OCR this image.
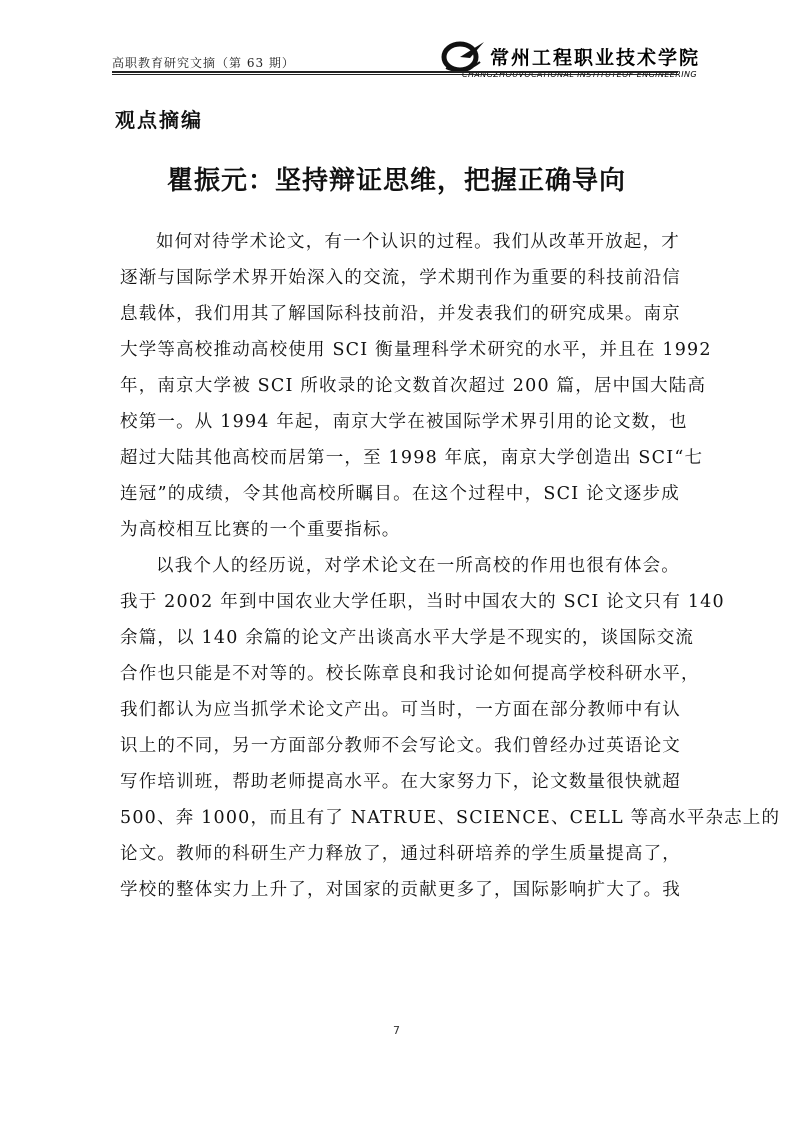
高职教育研究文摘（第 63 期）	常州工程职业技术学院
CHANGZHOUVOCATIONAL INSTITUTEOF ENGINEERING
观点摘编
瞿振元：坚持辩证思维，把握正确导向

如何对待学术论文，有一个认识的过程。我们从改革开放起，才

逐渐与国际学术界开始深入的交流，学术期刊作为重要的科技前沿信

息载体，我们用其了解国际科技前沿，并发表我们的研究成果。南京

大学等高校推动高校使用 SCI 衡量理科学术研究的水平，并且在 1992

年，南京大学被 SCI 所收录的论文数首次超过 200 篇，居中国大陆高

校第一。从 1994 年起，南京大学在被国际学术界引用的论文数，也

超过大陆其他高校而居第一，至 1998 年底，南京大学创造出 SCI“七

连冠”的成绩，令其他高校所瞩目。在这个过程中，SCI 论文逐步成

为高校相互比赛的一个重要指标。

以我个人的经历说，对学术论文在一所高校的作用也很有体会。

我于 2002 年到中国农业大学任职，当时中国农大的 SCI 论文只有 140

余篇，以 140 余篇的论文产出谈高水平大学是不现实的，谈国际交流

合作也只能是不对等的。校长陈章良和我讨论如何提高学校科研水平，

我们都认为应当抓学术论文产出。可当时，一方面在部分教师中有认

识上的不同，另一方面部分教师不会写论文。我们曾经办过英语论文

写作培训班，帮助老师提高水平。在大家努力下，论文数量很快就超

500、奔 1000，而且有了 NATRUE、SCIENCE、CELL 等高水平杂志上的

论文。教师的科研生产力释放了，通过科研培养的学生质量提高了，

学校的整体实力上升了，对国家的贡献更多了，国际影响扩大了。我

7
